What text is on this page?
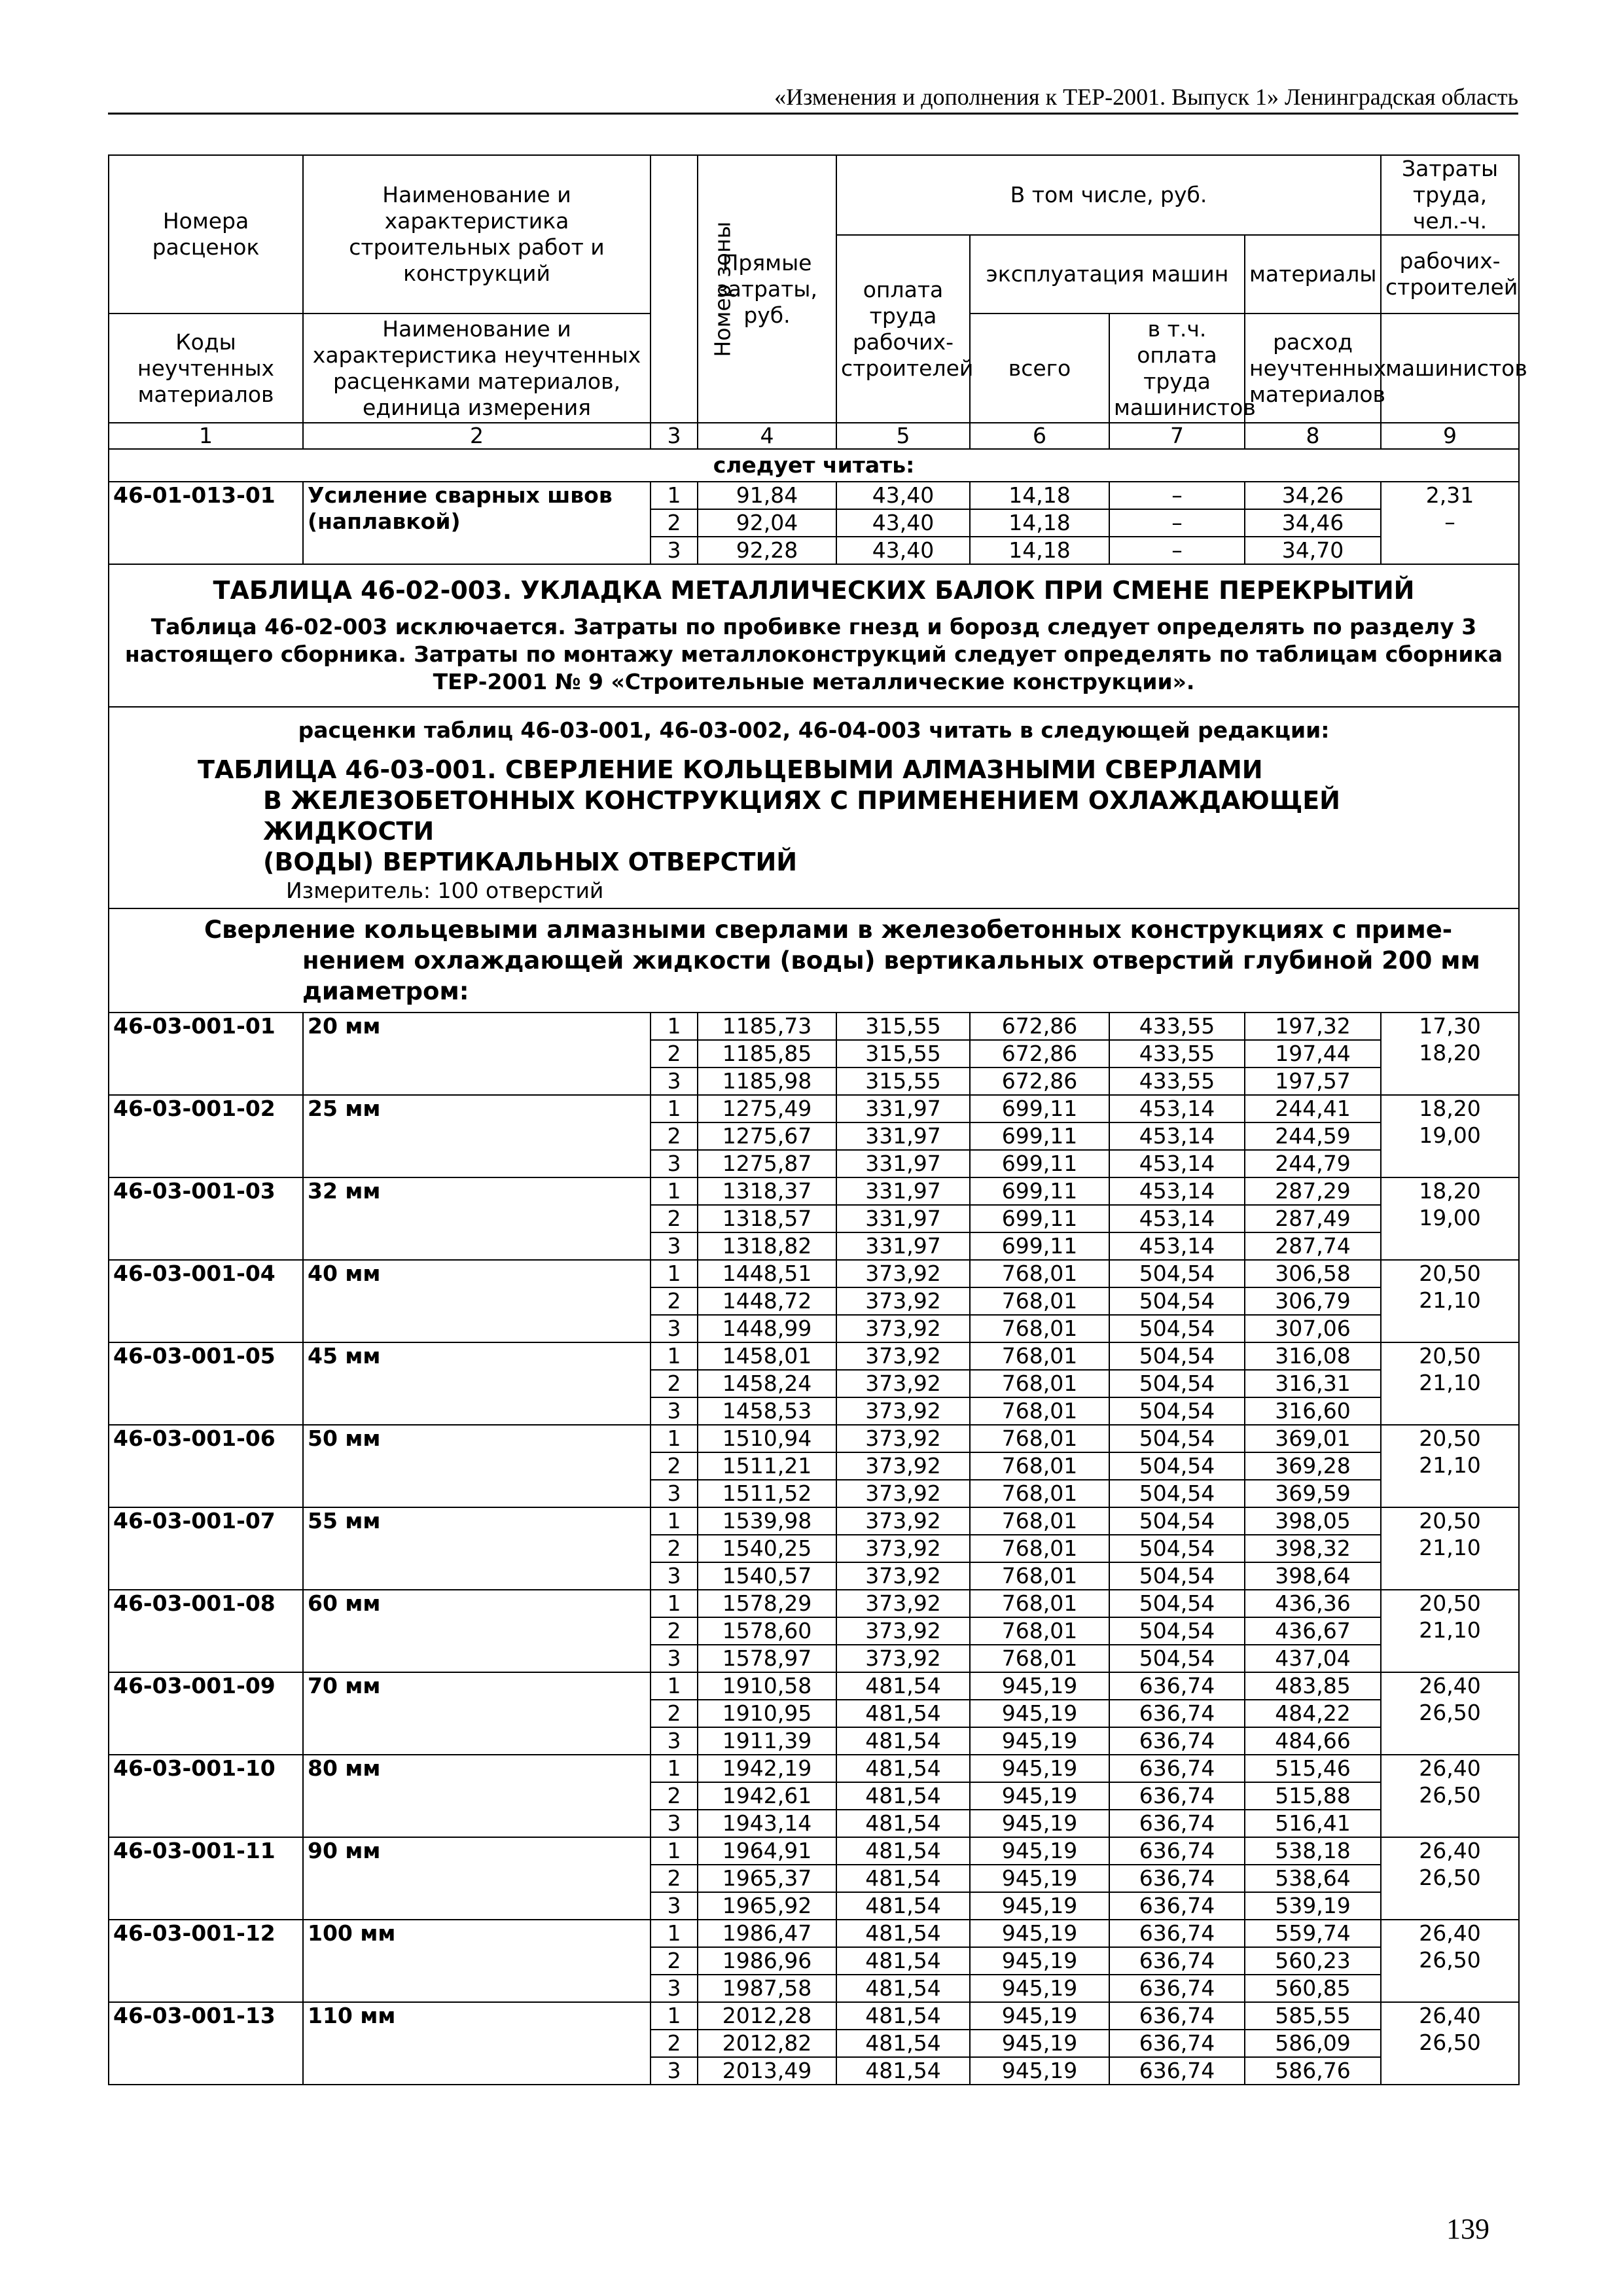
«Изменения и дополнения к ТЕР-2001. Выпуск 1» Ленинградская область
Номера расценок	Наименование и характеристика строительных работ и конструкций	Номер зоны	Прямые затраты, руб.	В том числе, руб.				Затраты труда, чел.-ч.
				оплата труда рабочих-строителей	эксплуатация машин		материалы	рабочих-строителей
Коды неучтенных материалов	Наименование и характеристика неучтенных расценками материалов, единица измерения				всего	в т.ч. оплата труда машинистов	расход неучтенных материалов	машинистов
1	2	3	4	5	6	7	8	9
следует читать:								
46-01-013-01	Усиление сварных швов (наплавкой)	1	91,84	43,40	14,18	–	34,26	2,31
		2	92,04	43,40	14,18	–	34,46	–
		3	92,28	43,40	14,18	–	34,70	

ТАБЛИЦА 46-02-003. УКЛАДКА МЕТАЛЛИЧЕСКИХ БАЛОК ПРИ СМЕНЕ ПЕРЕКРЫТИЙ
Таблица 46-02-003 исключается. Затраты по пробивке гнезд и борозд следует определять по разделу 3 настоящего сборника. Затраты по монтажу металлоконструкций следует определять по таблицам сборника ТЕР-2001 № 9 «Строительные металлические конструкции».								

расценки таблиц 46-03-001, 46-03-002, 46-04-003 читать в следующей редакции:
ТАБЛИЦА 46-03-001. СВЕРЛЕНИЕ КОЛЬЦЕВЫМИ АЛМАЗНЫМИ СВЕРЛАМИ
В ЖЕЛЕЗОБЕТОННЫХ КОНСТРУКЦИЯХ С ПРИМЕНЕНИЕМ ОХЛАЖДАЮЩЕЙ ЖИДКОСТИ
(ВОДЫ) ВЕРТИКАЛЬНЫХ ОТВЕРСТИЙ
Измеритель: 100 отверстий								

Сверление кольцевыми алмазными сверлами в железобетонных конструкциях с приме-
нением охлаждающей жидкости (воды) вертикальных отверстий глубиной 200 мм
диаметром:								

46-03-001-01	20 мм	1	1185,73	315,55	672,86	433,55	197,32	17,30
		2	1185,85	315,55	672,86	433,55	197,44	18,20
		3	1185,98	315,55	672,86	433,55	197,57	
46-03-001-02	25 мм	1	1275,49	331,97	699,11	453,14	244,41	18,20
		2	1275,67	331,97	699,11	453,14	244,59	19,00
		3	1275,87	331,97	699,11	453,14	244,79	
46-03-001-03	32 мм	1	1318,37	331,97	699,11	453,14	287,29	18,20
		2	1318,57	331,97	699,11	453,14	287,49	19,00
		3	1318,82	331,97	699,11	453,14	287,74	
46-03-001-04	40 мм	1	1448,51	373,92	768,01	504,54	306,58	20,50
		2	1448,72	373,92	768,01	504,54	306,79	21,10
		3	1448,99	373,92	768,01	504,54	307,06	
46-03-001-05	45 мм	1	1458,01	373,92	768,01	504,54	316,08	20,50
		2	1458,24	373,92	768,01	504,54	316,31	21,10
		3	1458,53	373,92	768,01	504,54	316,60	
46-03-001-06	50 мм	1	1510,94	373,92	768,01	504,54	369,01	20,50
		2	1511,21	373,92	768,01	504,54	369,28	21,10
		3	1511,52	373,92	768,01	504,54	369,59	
46-03-001-07	55 мм	1	1539,98	373,92	768,01	504,54	398,05	20,50
		2	1540,25	373,92	768,01	504,54	398,32	21,10
		3	1540,57	373,92	768,01	504,54	398,64	
46-03-001-08	60 мм	1	1578,29	373,92	768,01	504,54	436,36	20,50
		2	1578,60	373,92	768,01	504,54	436,67	21,10
		3	1578,97	373,92	768,01	504,54	437,04	
46-03-001-09	70 мм	1	1910,58	481,54	945,19	636,74	483,85	26,40
		2	1910,95	481,54	945,19	636,74	484,22	26,50
		3	1911,39	481,54	945,19	636,74	484,66	
46-03-001-10	80 мм	1	1942,19	481,54	945,19	636,74	515,46	26,40
		2	1942,61	481,54	945,19	636,74	515,88	26,50
		3	1943,14	481,54	945,19	636,74	516,41	
46-03-001-11	90 мм	1	1964,91	481,54	945,19	636,74	538,18	26,40
		2	1965,37	481,54	945,19	636,74	538,64	26,50
		3	1965,92	481,54	945,19	636,74	539,19	
46-03-001-12	100 мм	1	1986,47	481,54	945,19	636,74	559,74	26,40
		2	1986,96	481,54	945,19	636,74	560,23	26,50
		3	1987,58	481,54	945,19	636,74	560,85	
46-03-001-13	110 мм	1	2012,28	481,54	945,19	636,74	585,55	26,40
		2	2012,82	481,54	945,19	636,74	586,09	26,50
		3	2013,49	481,54	945,19	636,74	586,76	
139
